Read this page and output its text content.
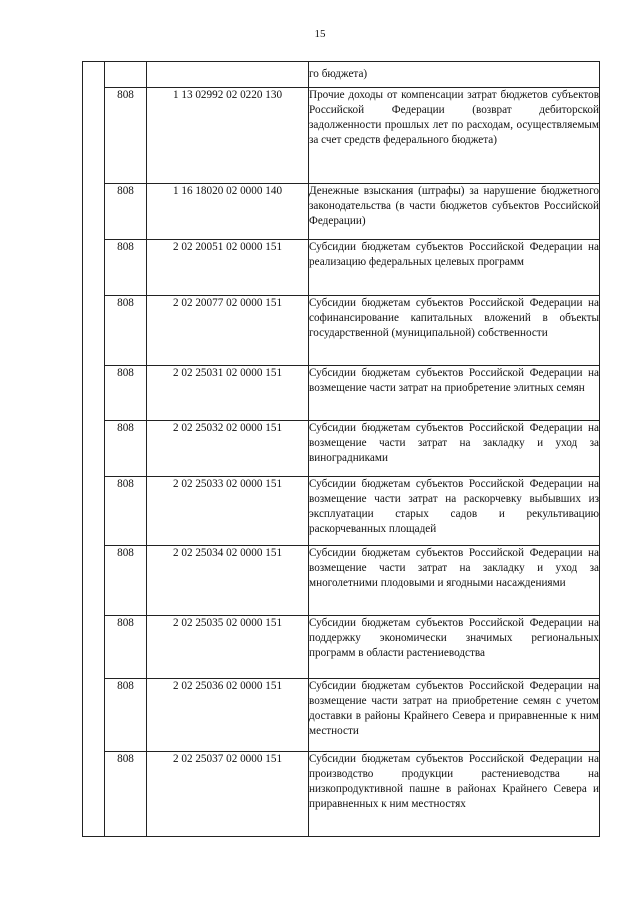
15
			го бюджета)
	808	1 13 02992 02 0220 130	Прочие доходы от компенсации затрат бюджетов субъектов Российской Федерации (возврат дебиторской задолженности прошлых лет по расходам, осуществляемым за счет средств федерального бюджета)
	808	1 16 18020 02 0000 140	Денежные взыскания (штрафы) за нарушение бюджетного законодательства (в части бюджетов субъектов Российской Федерации)
	808	2 02 20051 02 0000 151	Субсидии бюджетам субъектов Российской Федерации на реализацию федеральных целевых программ
	808	2 02 20077 02 0000 151	Субсидии бюджетам субъектов Российской Федерации на софинансирование капитальных вложений в объекты государственной (муниципальной) собственности
	808	2 02 25031 02 0000 151	Субсидии бюджетам субъектов Российской Федерации на возмещение части затрат на приобретение элитных семян
	808	2 02 25032 02 0000 151	Субсидии бюджетам субъектов Российской Федерации на возмещение части затрат на закладку и уход за виноградниками
	808	2 02 25033 02 0000 151	Субсидии бюджетам субъектов Российской Федерации на возмещение части затрат на раскорчевку выбывших из эксплуатации старых садов и рекультивацию раскорчеванных площадей
	808	2 02 25034 02 0000 151	Субсидии бюджетам субъектов Российской Федерации на возмещение части затрат на закладку и уход за многолетними плодовыми и ягодными насаждениями
	808	2 02 25035 02 0000 151	Субсидии бюджетам субъектов Российской Федерации на поддержку экономически значимых региональных программ в области растениеводства
	808	2 02 25036 02 0000 151	Субсидии бюджетам субъектов Российской Федерации на возмещение части затрат на приобретение семян с учетом доставки в районы Крайнего Севера и приравненные к ним местности
	808	2 02 25037 02 0000 151	Субсидии бюджетам субъектов Российской Федерации на производство продукции растениеводства на низкопродуктивной пашне в районах Крайнего Севера и приравненных к ним местностях
